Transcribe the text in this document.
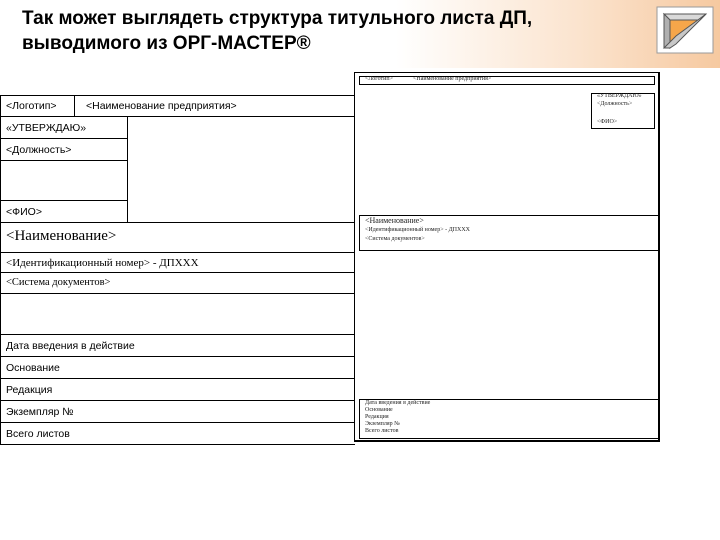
Так может выглядеть структура титульного листа ДП,
выводимого из ОРГ-МАСТЕР®
<Логотип>	<Наименование предприятия>
«УТВЕРЖДАЮ»
<Должность>
<ФИО>
<Наименование>
<Идентификационный номер> - ДПXXX
<Система документов>
Дата введения в действие
Основание
Редакция
Экземпляр №
Всего листов
<Логотип>	<Наименование предприятия>
«УТВЕРЖДАЮ»
<Должность>
<ФИО>
<Наименование>
<Идентификационный номер> - ДПXXX
<Система документов>
Дата введения в действие
Основание
Редакция
Экземпляр №
Всего листов
